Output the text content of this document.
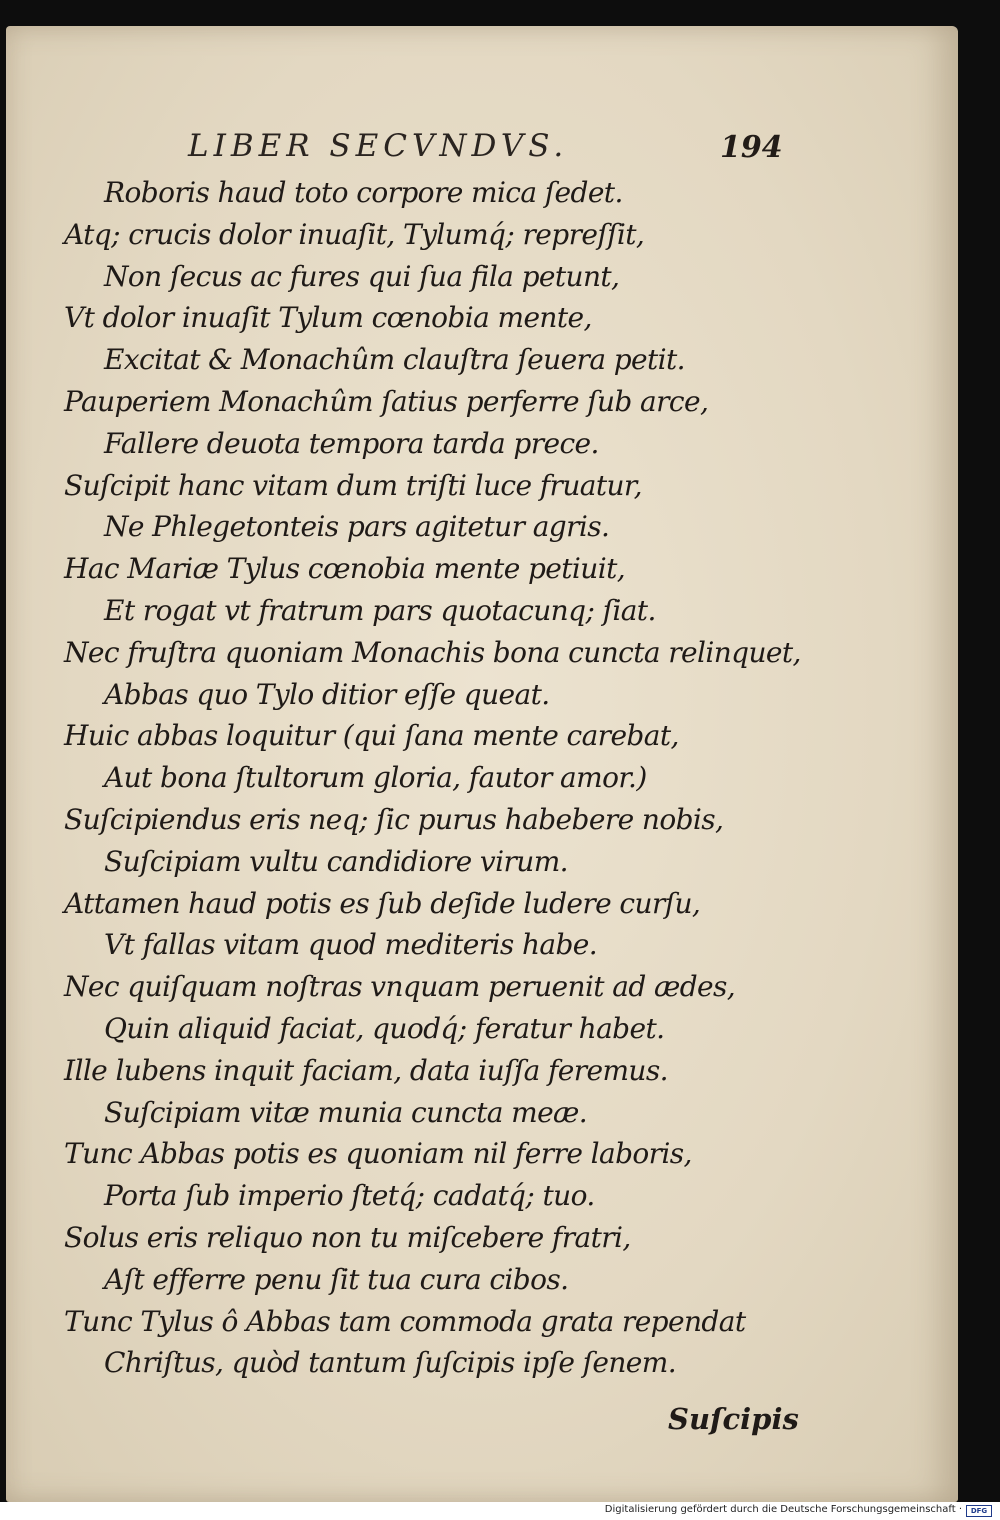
LIBER SECVNDVS.	194
Roboris haud toto corpore mica ſedet.
Atq; crucis dolor inuaſit, Tylumq́; repreſſit,
Non ſecus ac fures qui ſua fila petunt,
Vt dolor inuaſit Tylum cœnobia mente,
Excitat & Monachûm clauſtra ſeuera petit.
Pauperiem Monachûm ſatius perferre ſub arce,
Fallere deuota tempora tarda prece.
Suſcipit hanc vitam dum triſti luce fruatur,
Ne Phlegetonteis pars agitetur agris.
Hac Mariæ Tylus cœnobia mente petiuit,
Et rogat vt fratrum pars quotacunq; ſiat.
Nec fruſtra quoniam Monachis bona cuncta relinquet,
Abbas quo Tylo ditior eſſe queat.
Huic abbas loquitur (qui ſana mente carebat,
Aut bona ſtultorum gloria, fautor amor.)
Suſcipiendus eris neq; ſic purus habebere nobis,
Suſcipiam vultu candidiore virum.
Attamen haud potis es ſub deſide ludere curſu,
Vt fallas vitam quod mediteris habe.
Nec quiſquam noſtras vnquam peruenit ad ædes,
Quin aliquid faciat, quodq́; feratur habet.
Ille lubens inquit faciam, data iuſſa feremus.
Suſcipiam vitæ munia cuncta meæ.
Tunc Abbas potis es quoniam nil ferre laboris,
Porta ſub imperio ſtetq́; cadatq́; tuo.
Solus eris reliquo non tu miſcebere fratri,
Aſt efferre penu ſit tua cura cibos.
Tunc Tylus ô Abbas tam commoda grata rependat
Chriſtus, quòd tantum ſuſcipis ipſe ſenem.
Suſcipis
Digitalisierung gefördert durch die Deutsche Forschungsgemeinschaft ·	DFG
